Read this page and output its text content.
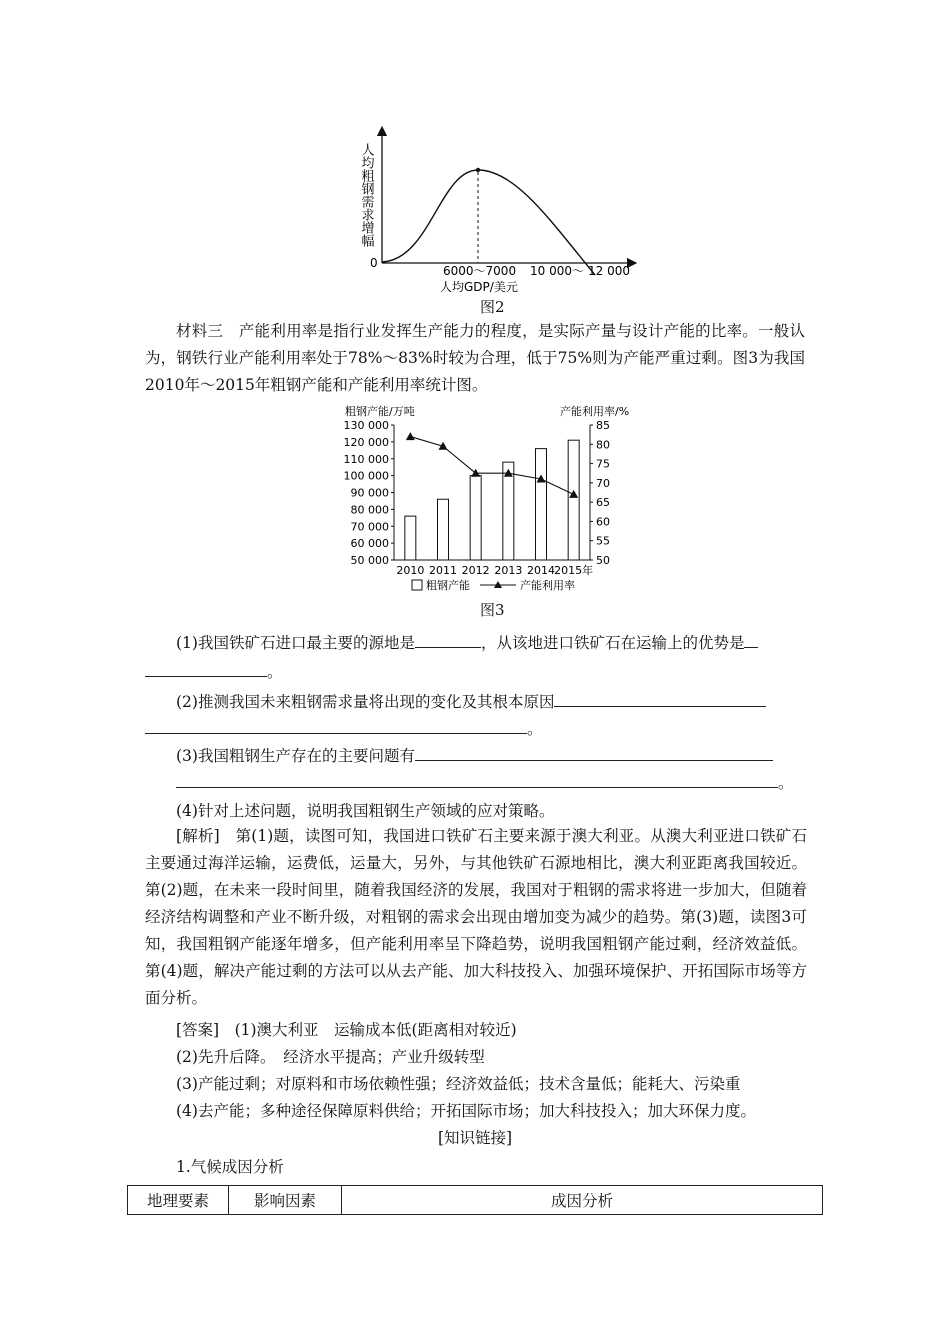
人均粗钢需求增幅
0
6000～7000 10 000～ 12 000
人均GDP/美元
图2
材料三　产能利用率是指行业发挥生产能力的程度，是实际产量与设计产能的比率。一般认为，钢铁行业产能利用率处于78%～83%时较为合理，低于75%则为产能严重过剩。图3为我国2010年～2015年粗钢产能和产能利用率统计图。
粗钢产能/万吨	产能利用率/%
130 000
120 000
110 000
100 000
90 000
80 000
70 000
60 000
50 000
85
80
75
70
65
60
55
50
2010 2011 2012 2013 2014 2015年
粗钢产能	产能利用率
图3
(1)我国铁矿石进口最主要的源地是	，从该地进口铁矿石在运输上的优势是
。
(2)推测我国未来粗钢需求量将出现的变化及其根本原因
。
(3)我国粗钢生产存在的主要问题有
。
(4)针对上述问题，说明我国粗钢生产领域的应对策略。
[解析]　第(1)题，读图可知，我国进口铁矿石主要来源于澳大利亚。从澳大利亚进口铁矿石主要通过海洋运输，运费低，运量大，另外，与其他铁矿石源地相比，澳大利亚距离我国较近。第(2)题，在未来一段时间里，随着我国经济的发展，我国对于粗钢的需求将进一步加大，但随着经济结构调整和产业不断升级，对粗钢的需求会出现由增加变为减少的趋势。第(3)题，读图3可知，我国粗钢产能逐年增多，但产能利用率呈下降趋势，说明我国粗钢产能过剩，经济效益低。第(4)题，解决产能过剩的方法可以从去产能、加大科技投入、加强环境保护、开拓国际市场等方面分析。
[答案]　(1)澳大利亚　运输成本低(距离相对较近)
(2)先升后降。　经济水平提高；产业升级转型
(3)产能过剩；对原料和市场依赖性强；经济效益低；技术含量低；能耗大、污染重
(4)去产能；多种途径保障原料供给；开拓国际市场；加大科技投入；加大环保力度。
[知识链接]
1.气候成因分析
地理要素	影响因素	成因分析
